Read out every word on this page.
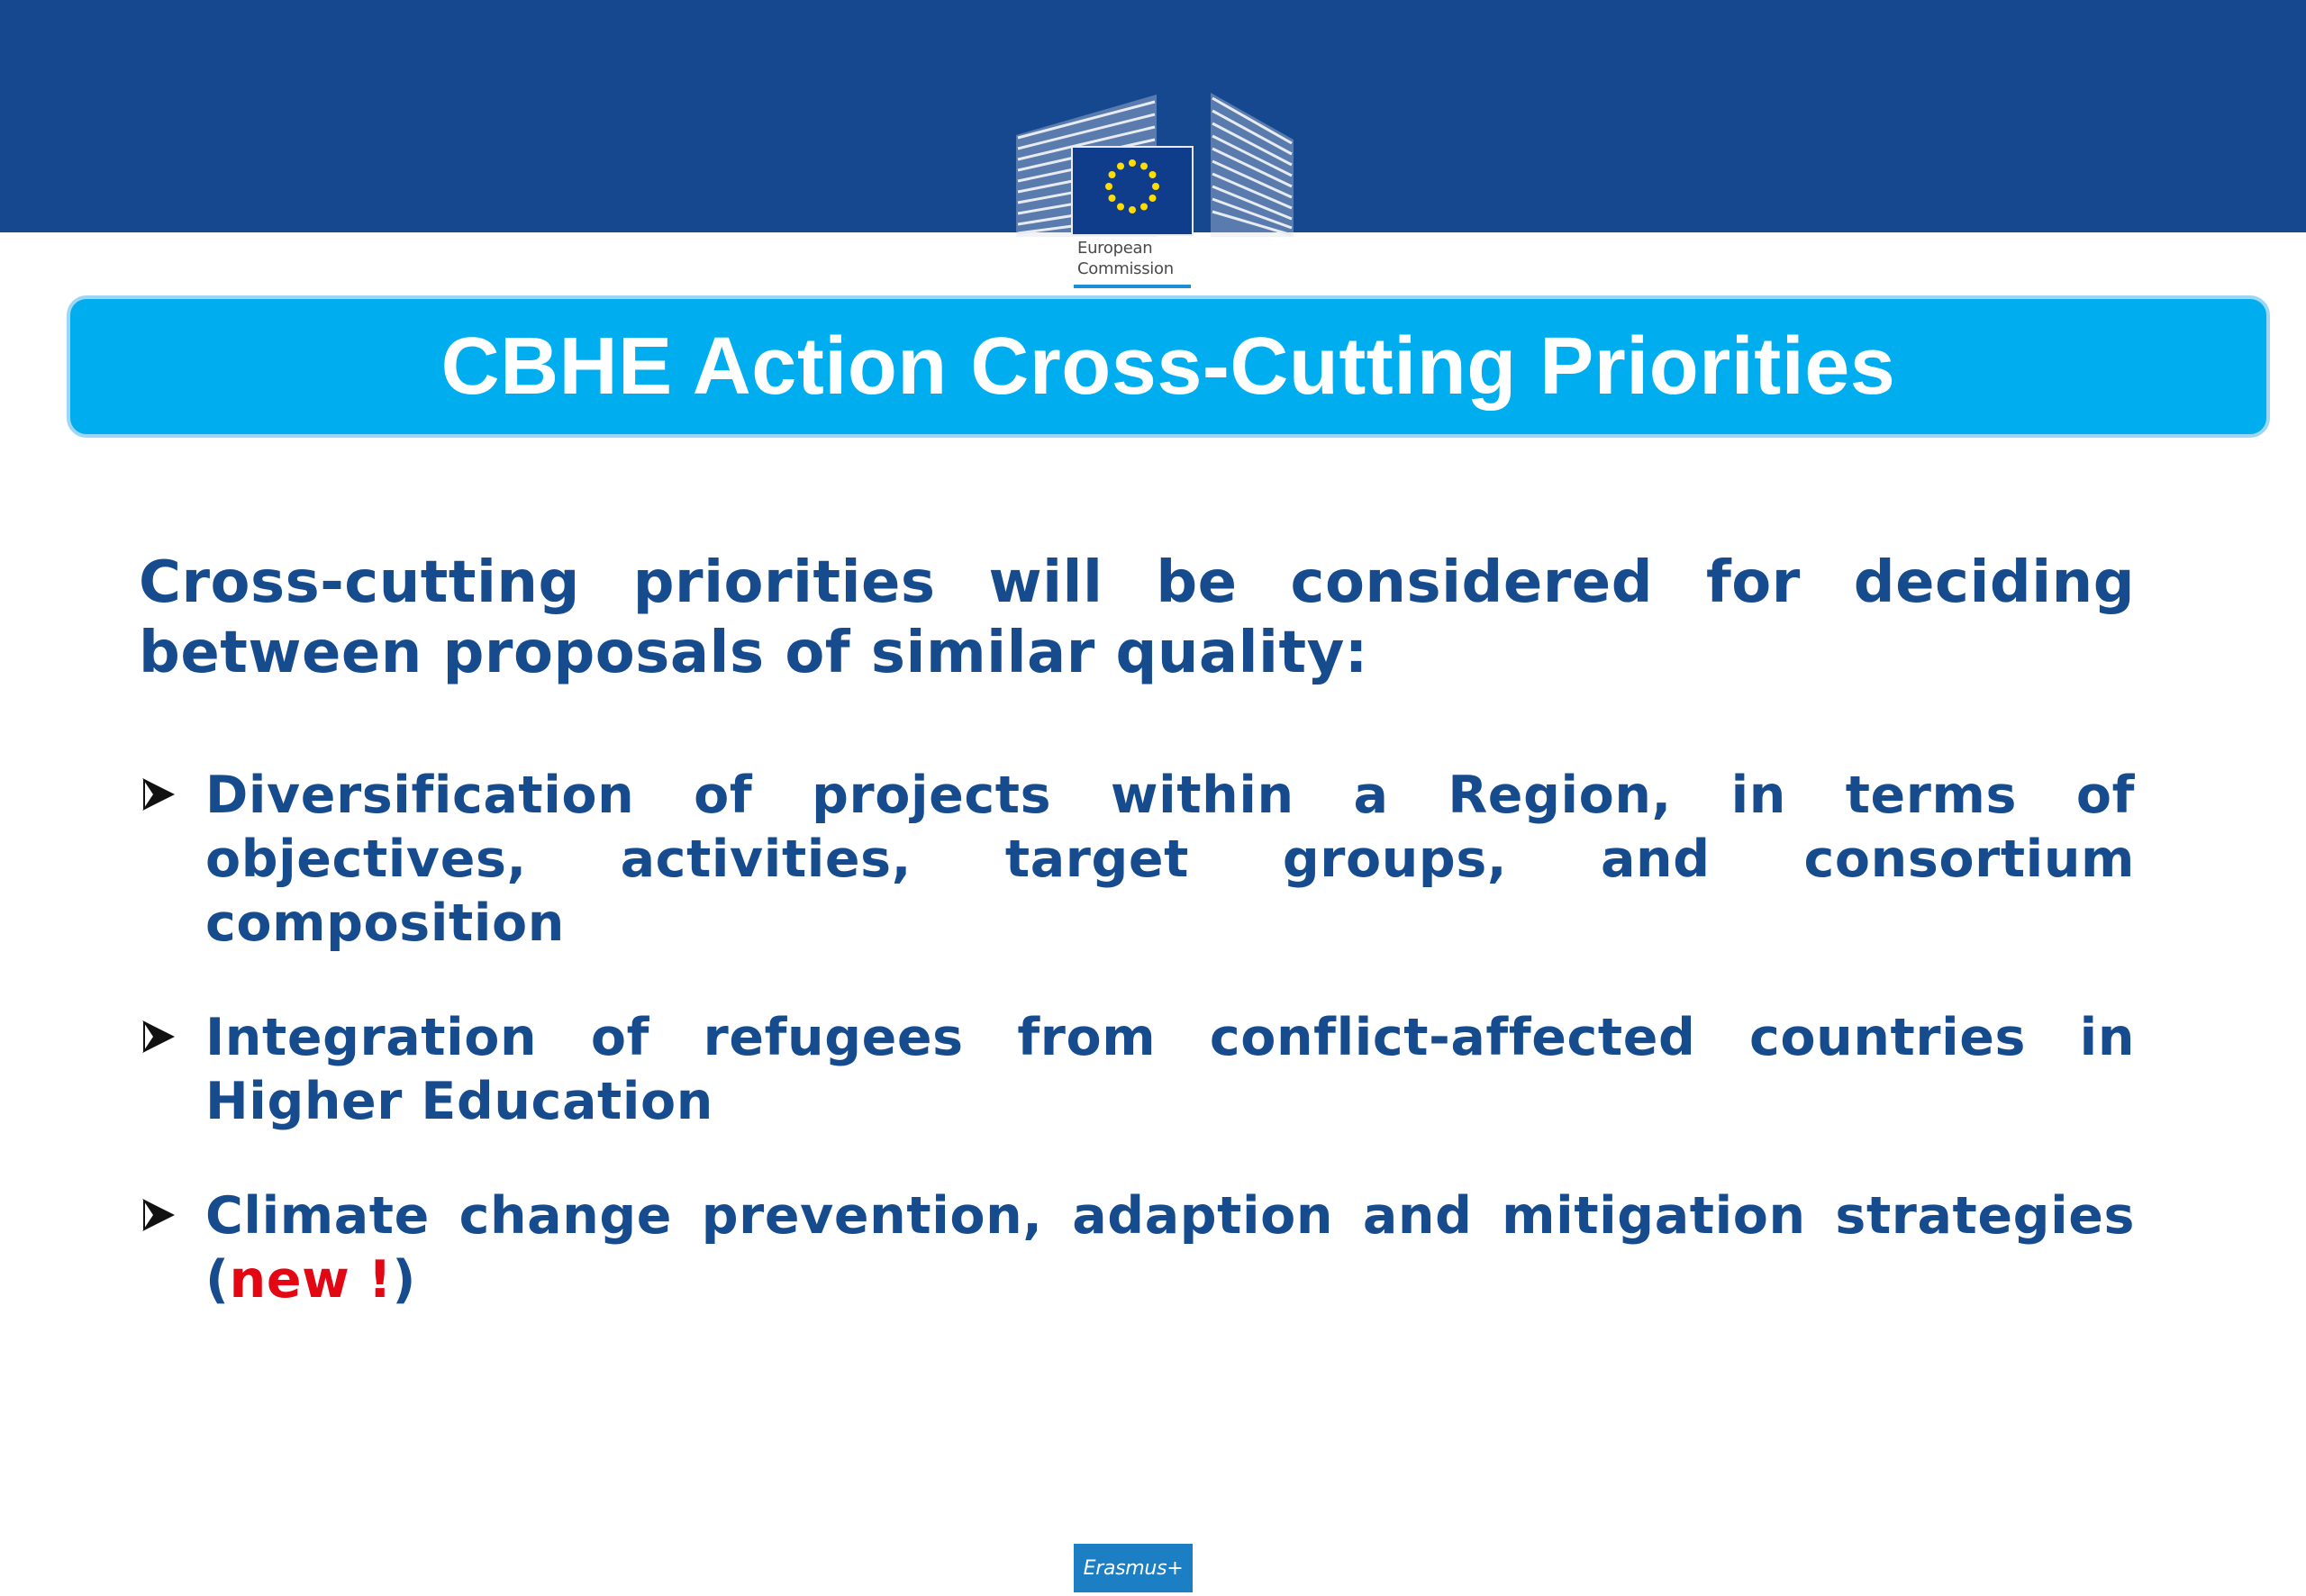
European
Commission
CBHE Action Cross-Cutting Priorities

Cross-cutting priorities will be considered for deciding between proposals of similar quality:

Diversification of projects within a Region, in terms of objectives, activities, target groups, and consortium composition
Integration of refugees from conflict-affected countries in Higher Education
Climate change prevention, adaption and mitigation strategies (new !)
Erasmus+
